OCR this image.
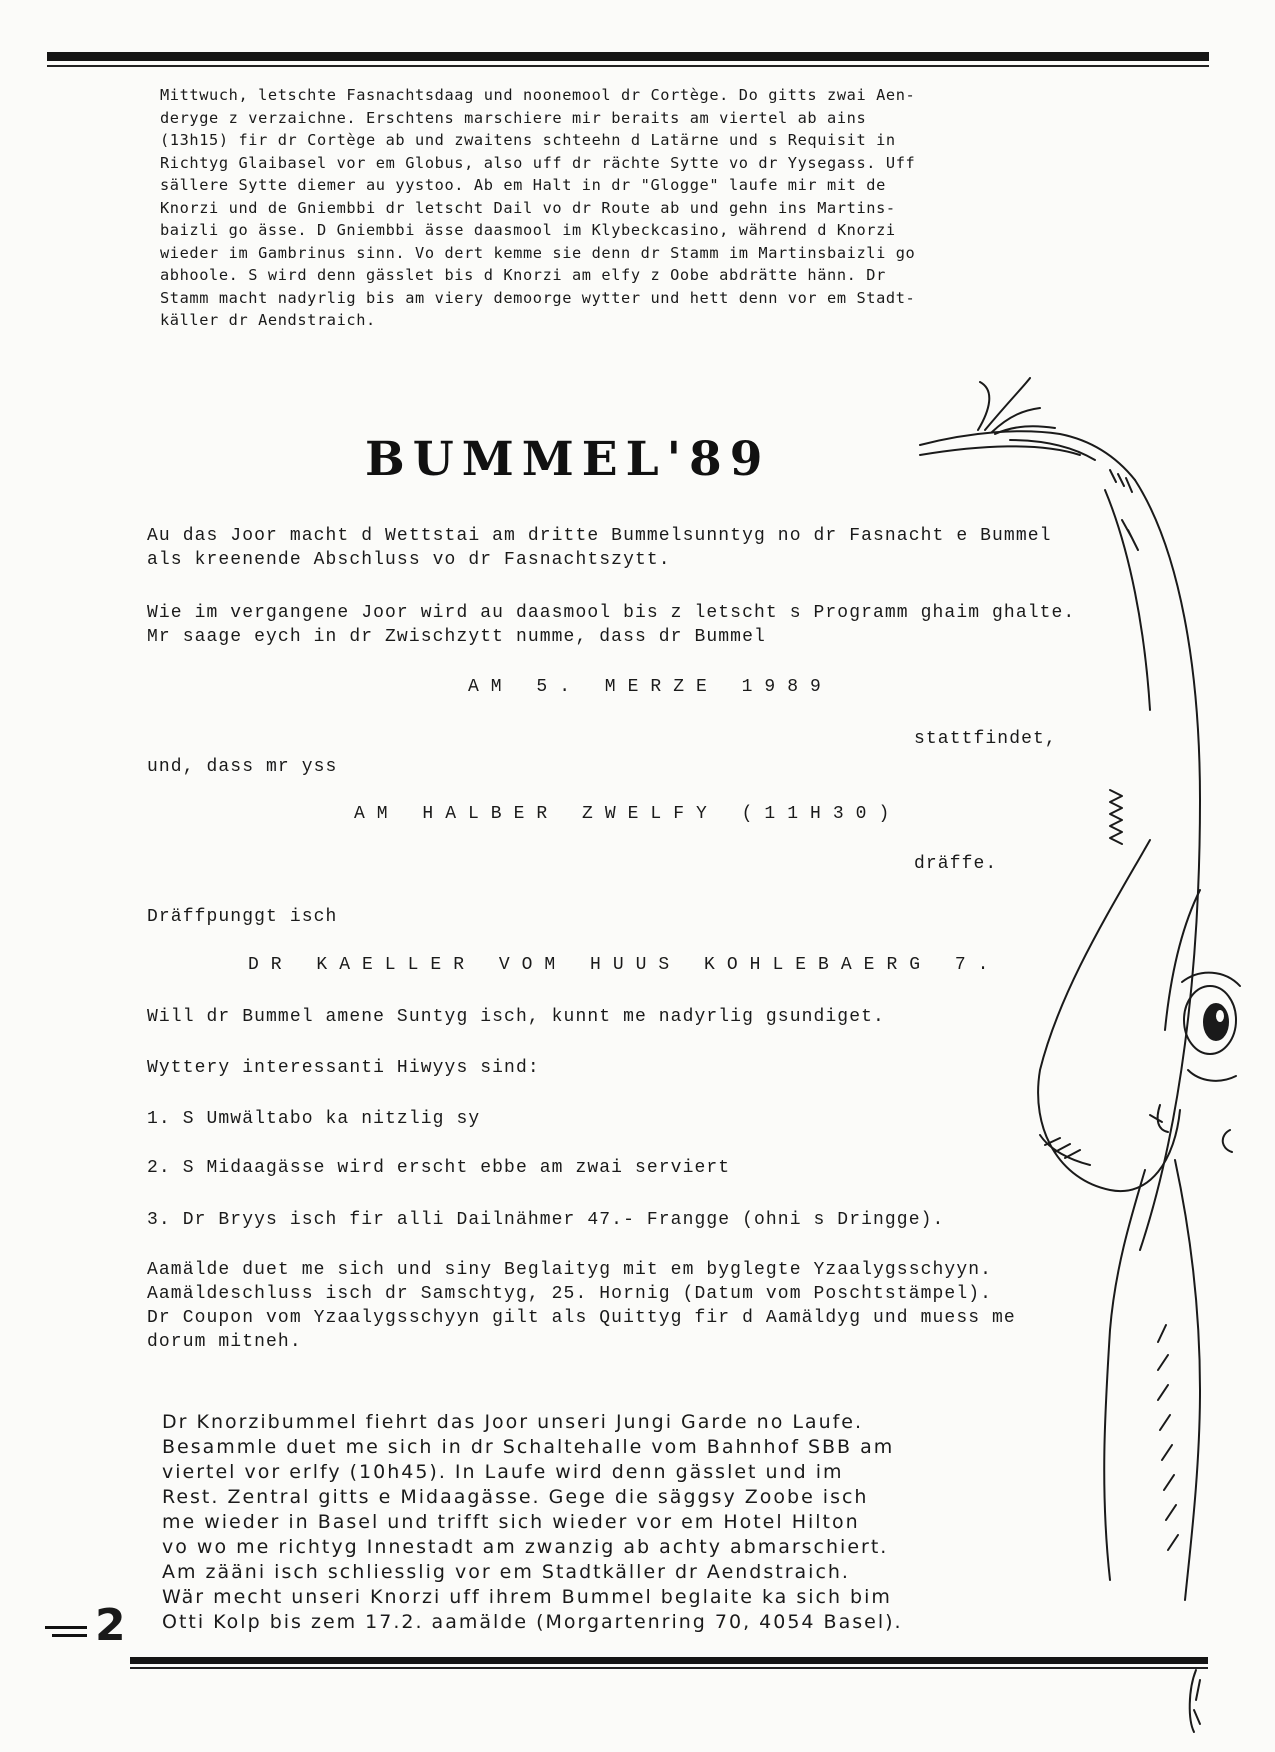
Mittwuch, letschte Fasnachtsdaag und noonemool dr Cortège. Do gitts zwai Aen-

deryge z verzaichne. Erschtens marschiere mir beraits am viertel ab ains

(13h15) fir dr Cortège ab und zwaitens schteehn d Latärne und s Requisit in

Richtyg Glaibasel vor em Globus, also uff dr rächte Sytte vo dr Yysegass. Uff

sällere Sytte diemer au yystoo. Ab em Halt in dr "Glogge" laufe mir mit de

Knorzi und de Gniembbi dr letscht Dail vo dr Route ab und gehn ins Martins-

baizli go ässe. D Gniembbi ässe daasmool im Klybeckcasino, während d Knorzi

wieder im Gambrinus sinn. Vo dert kemme sie denn dr Stamm im Martinsbaizli go

abhoole. S wird denn gässlet bis d Knorzi am elfy z Oobe abdrätte hänn. Dr

Stamm macht nadyrlig bis am viery demoorge wytter und hett denn vor em Stadt-

käller dr Aendstraich.

BUMMEL'89

Au das Joor macht d Wettstai am dritte Bummelsunntyg no dr Fasnacht e Bummel

als kreenende Abschluss vo dr Fasnachtszytt.

Wie im vergangene Joor wird au daasmool bis z letscht s Programm ghaim ghalte.

Mr saage eych in dr Zwischzytt numme, dass dr Bummel

AM 5. MERZE 1989
stattfindet,
und, dass mr yss
AM HALBER ZWELFY (11H30)
dräffe.
Dräffpunggt isch
DR KAELLER VOM HUUS KOHLEBAERG 7.
Will dr Bummel amene Suntyg isch, kunnt me nadyrlig gsundiget.
Wyttery interessanti Hiwyys sind:
1. S Umwältabo ka nitzlig sy
2. S Midaagässe wird erscht ebbe am zwai serviert
3. Dr Bryys isch fir alli Dailnähmer 47.- Frangge (ohni s Dringge).

Aamälde duet me sich und siny Beglaityg mit em byglegte Yzaalygsschyyn.

Aamäldeschluss isch dr Samschtyg, 25. Hornig (Datum vom Poschtstämpel).

Dr Coupon vom Yzaalygsschyyn gilt als Quittyg fir d Aamäldyg und muess me

dorum mitneh.

Dr Knorzibummel fiehrt das Joor unseri Jungi Garde no Laufe.

Besammle duet me sich in dr Schaltehalle vom Bahnhof SBB am

viertel vor erlfy (10h45). In Laufe wird denn gässlet und im

Rest. Zentral gitts e Midaagässe. Gege die säggsy Zoobe isch

me wieder in Basel und trifft sich wieder vor em Hotel Hilton

vo wo me richtyg Innestadt am zwanzig ab achty abmarschiert.

Am zääni isch schliesslig vor em Stadtkäller dr Aendstraich.

Wär mecht unseri Knorzi uff ihrem Bummel beglaite ka sich bim

Otti Kolp bis zem 17.2. aamälde (Morgartenring 70, 4054 Basel).

2
